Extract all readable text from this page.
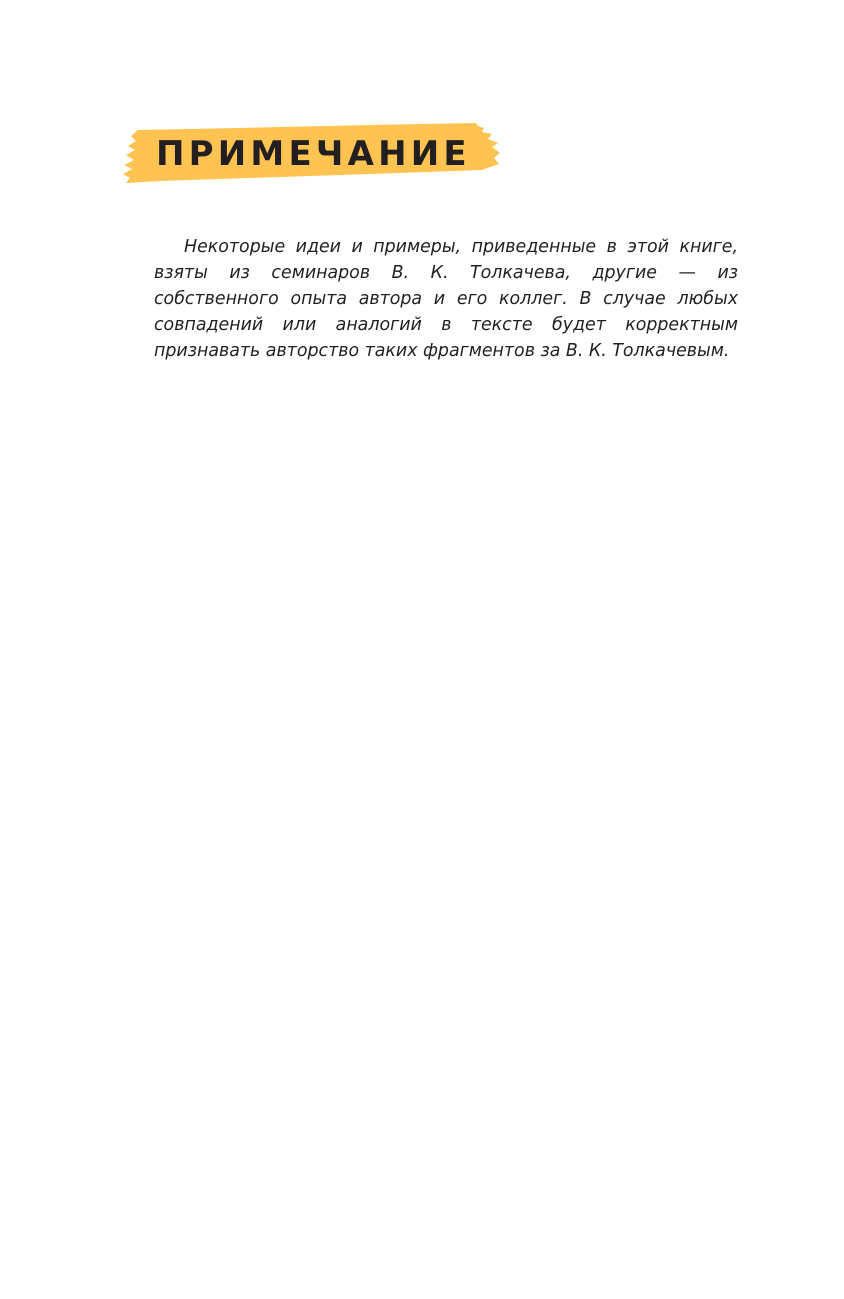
ПРИМЕЧАНИЕ

Некоторые идеи и примеры, приведенные в этой книге, взяты из семинаров В. К. Толкачева, другие — из собственного опыта автора и его коллег. В случае любых совпадений или аналогий в тексте будет корректным признавать авторство таких фрагментов за В. К. Толкачевым.
